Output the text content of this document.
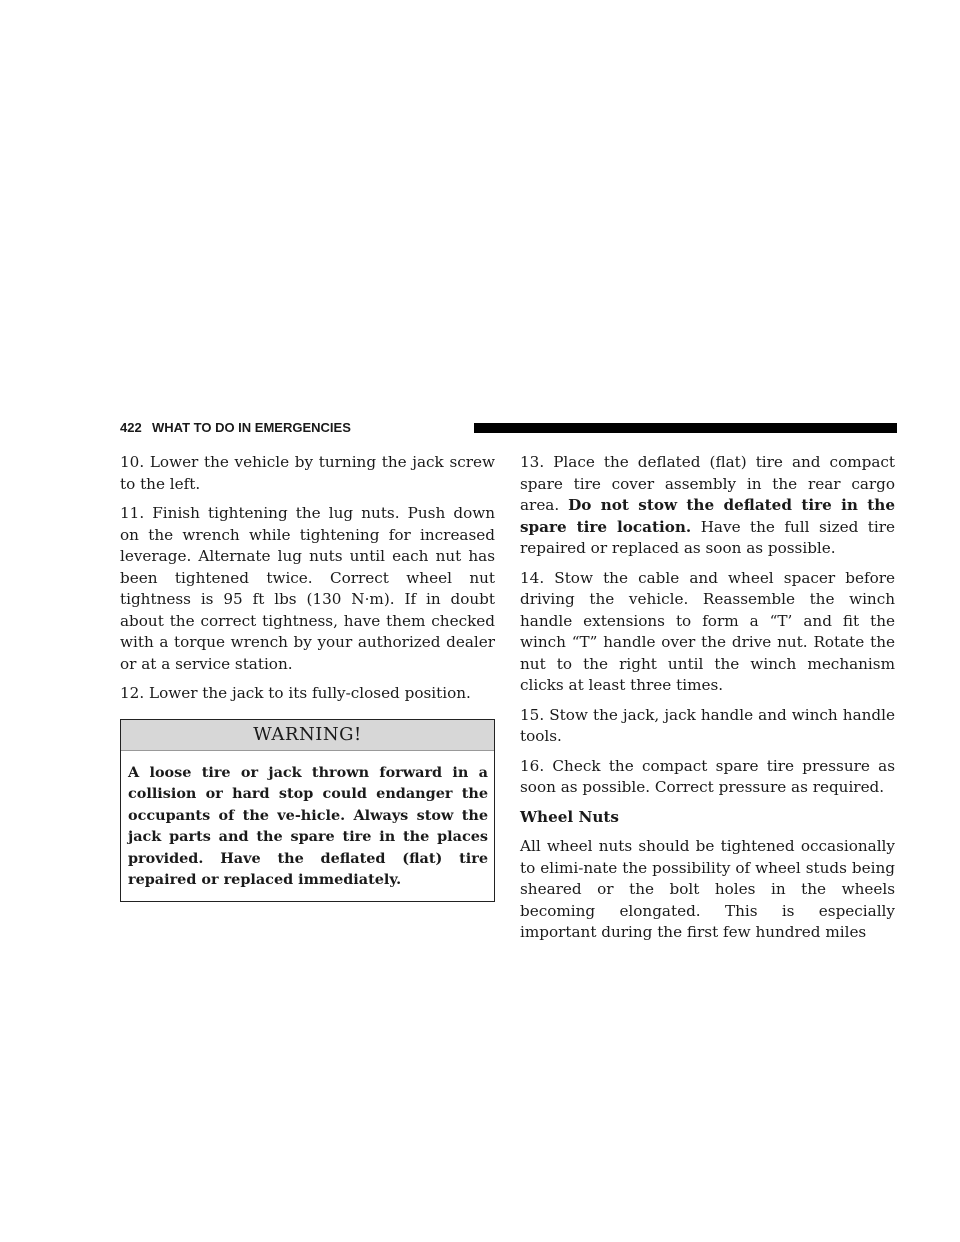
422 WHAT TO DO IN EMERGENCIES

10. Lower the vehicle by turning the jack screw to the left.

11. Finish tightening the lug nuts. Push down on the wrench while tightening for increased leverage. Alternate lug nuts until each nut has been tightened twice. Correct wheel nut tightness is 95 ft lbs (130 N·m). If in doubt about the correct tightness, have them checked with a torque wrench by your authorized dealer or at a service station.

12. Lower the jack to its fully-closed position.

WARNING!
A loose tire or jack thrown forward in a collision or hard stop could endanger the occupants of the ve-hicle. Always stow the jack parts and the spare tire in the places provided. Have the deflated (flat) tire repaired or replaced immediately.

13. Place the deflated (flat) tire and compact spare tire cover assembly in the rear cargo area. Do not stow the deflated tire in the spare tire location. Have the full sized tire repaired or replaced as soon as possible.

14. Stow the cable and wheel spacer before driving the vehicle. Reassemble the winch handle extensions to form a “T’ and fit the winch “T” handle over the drive nut. Rotate the nut to the right until the winch mechanism clicks at least three times.

15. Stow the jack, jack handle and winch handle tools.

16. Check the compact spare tire pressure as soon as possible. Correct pressure as required.

Wheel Nuts

All wheel nuts should be tightened occasionally to elimi-nate the possibility of wheel studs being sheared or the bolt holes in the wheels becoming elongated. This is especially important during the first few hundred miles
